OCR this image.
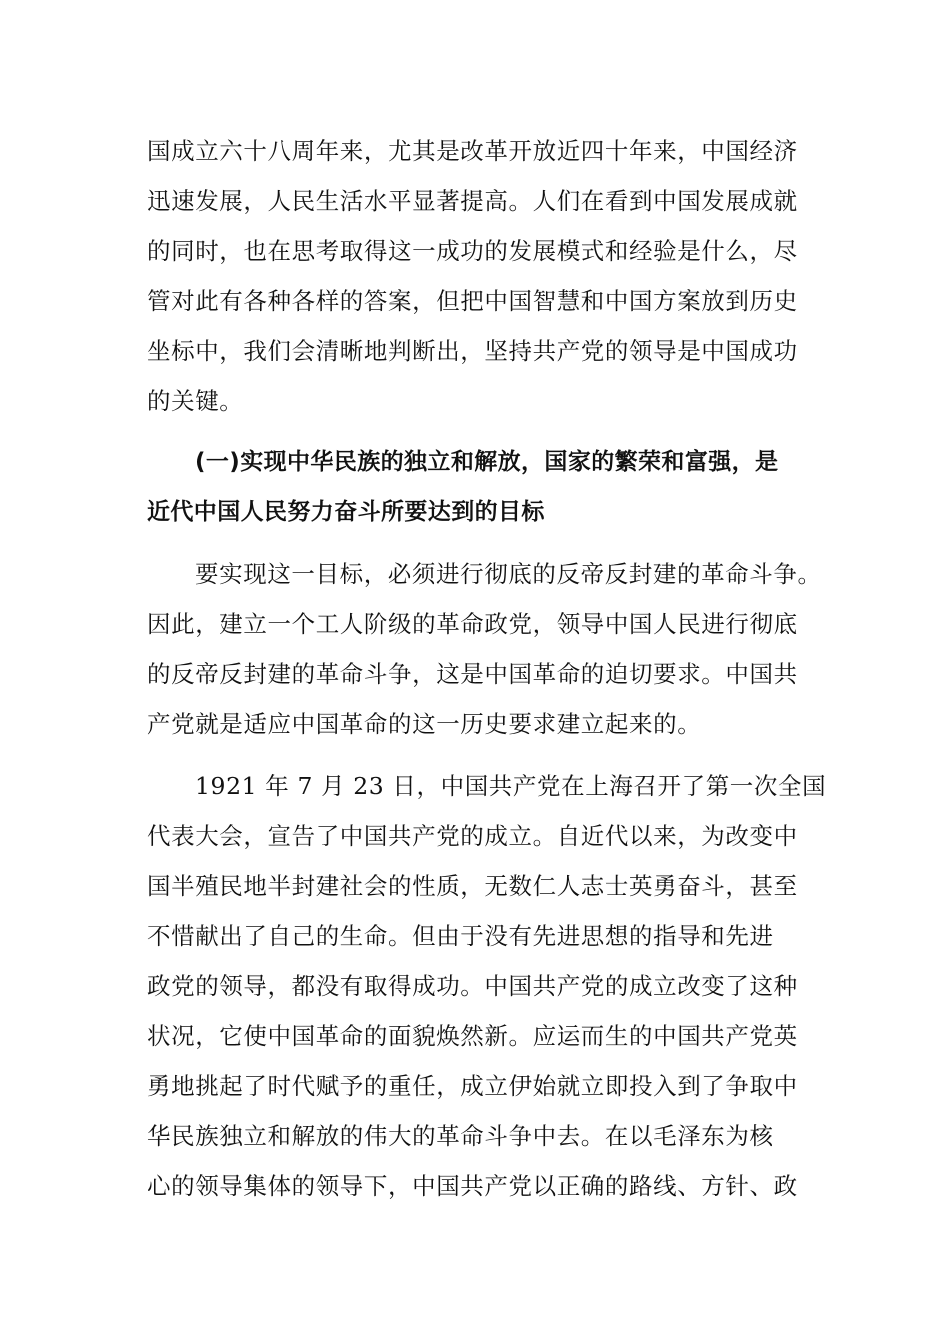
国成立六十八周年来，尤其是改革开放近四十年来，中国经济
迅速发展，人民生活水平显著提高。人们在看到中国发展成就
的同时，也在思考取得这一成功的发展模式和经验是什么，尽
管对此有各种各样的答案，但把中国智慧和中国方案放到历史
坐标中，我们会清晰地判断出，坚持共产党的领导是中国成功
的关键。
(一)实现中华民族的独立和解放，国家的繁荣和富强，是
近代中国人民努力奋斗所要达到的目标
要实现这一目标，必须进行彻底的反帝反封建的革命斗争。
因此，建立一个工人阶级的革命政党，领导中国人民进行彻底
的反帝反封建的革命斗争，这是中国革命的迫切要求。中国共
产党就是适应中国革命的这一历史要求建立起来的。
1921 年 7 月 23 日，中国共产党在上海召开了第一次全国
代表大会，宣告了中国共产党的成立。自近代以来，为改变中
国半殖民地半封建社会的性质，无数仁人志士英勇奋斗，甚至
不惜献出了自己的生命。但由于没有先进思想的指导和先进
政党的领导，都没有取得成功。中国共产党的成立改变了这种
状况，它使中国革命的面貌焕然新。应运而生的中国共产党英
勇地挑起了时代赋予的重任，成立伊始就立即投入到了争取中
华民族独立和解放的伟大的革命斗争中去。在以毛泽东为核
心的领导集体的领导下，中国共产党以正确的路线、方针、政
